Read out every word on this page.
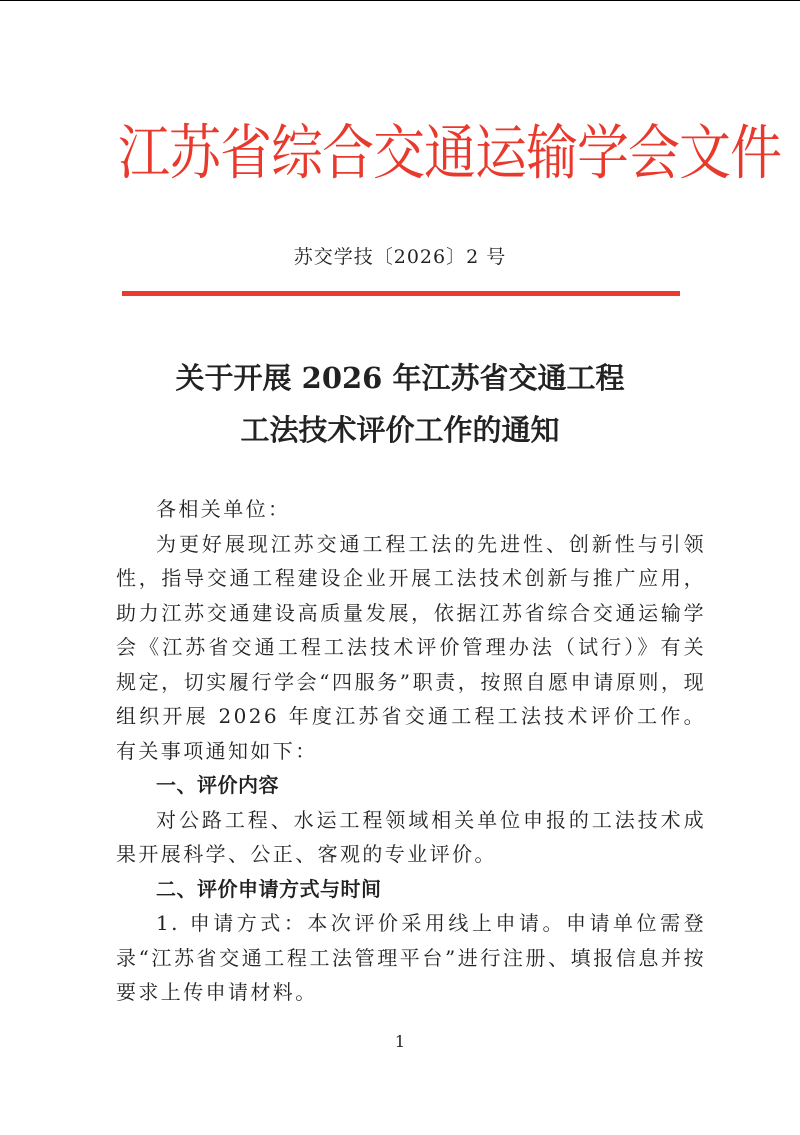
江苏省综合交通运输学会文件
苏交学技〔2026〕2 号
关于开展 2026 年江苏省交通工程
工法技术评价工作的通知

各相关单位：

为更好展现江苏交通工程工法的先进性、创新性与引领性，指导交通工程建设企业开展工法技术创新与推广应用，助力江苏交通建设高质量发展，依据江苏省综合交通运输学会《江苏省交通工程工法技术评价管理办法（试行）》有关规定，切实履行学会“四服务”职责，按照自愿申请原则，现组织开展 2026 年度江苏省交通工程工法技术评价工作。有关事项通知如下：

一、评价内容

对公路工程、水运工程领域相关单位申报的工法技术成果开展科学、公正、客观的专业评价。

二、评价申请方式与时间

1. 申请方式：本次评价采用线上申请。申请单位需登录“江苏省交通工程工法管理平台”进行注册、填报信息并按要求上传申请材料。

1
